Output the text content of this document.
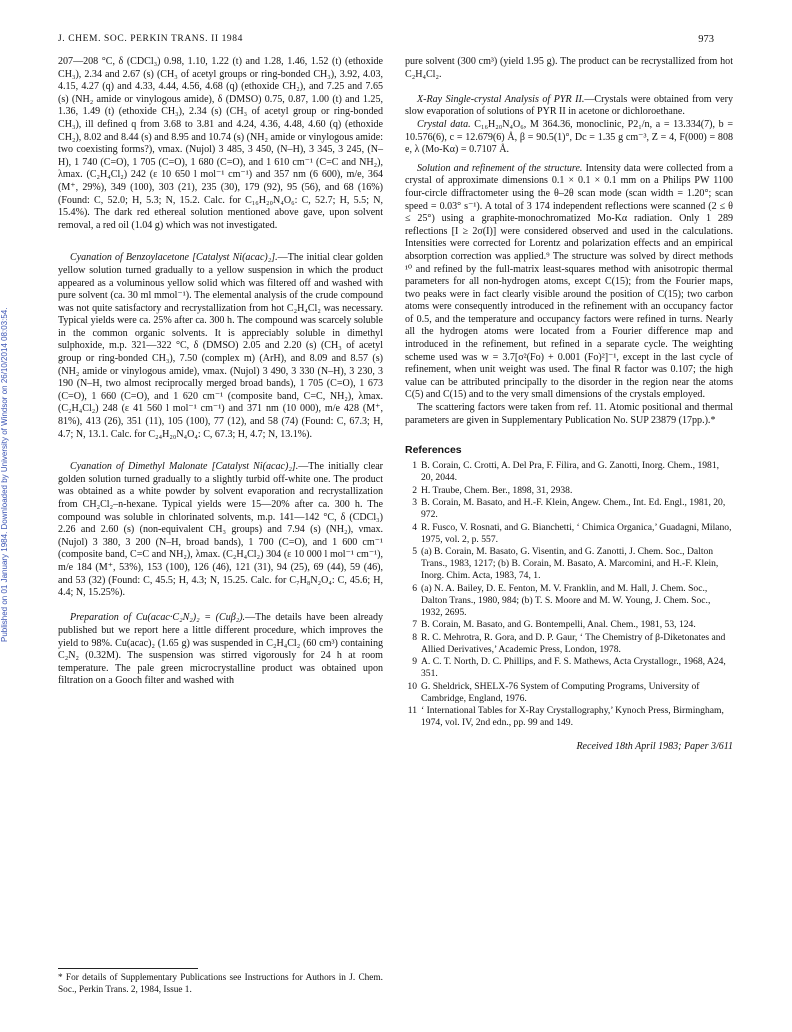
Published on 01 January 1984. Downloaded by University of Windsor on 26/10/2014 08:03:54.
J. CHEM. SOC. PERKIN TRANS. II 1984	973

207—208 °C, δ (CDCl₃) 0.98, 1.10, 1.22 (t) and 1.28, 1.46, 1.52 (t) (ethoxide CH₃), 2.34 and 2.67 (s) (CH₃ of acetyl groups or ring-bonded CH₃), 3.92, 4.03, 4.15, 4.27 (q) and 4.33, 4.44, 4.56, 4.68 (q) (ethoxide CH₂), and 7.25 and 7.65 (s) (NH₂ amide or vinylogous amide), δ (DMSO) 0.75, 0.87, 1.00 (t) and 1.25, 1.36, 1.49 (t) (ethoxide CH₃), 2.34 (s) (CH₃ of acetyl group or ring-bonded CH₃), ill defined q from 3.68 to 3.81 and 4.24, 4.36, 4.48, 4.60 (q) (ethoxide CH₂), 8.02 and 8.44 (s) and 8.95 and 10.74 (s) (NH₂ amide or vinylogous amide: two coexisting forms?), νmax. (Nujol) 3 485, 3 450, (N–H), 3 345, 3 245, (N–H), 1 740 (C=O), 1 705 (C=O), 1 680 (C=O), and 1 610 cm⁻¹ (C=C and NH₂), λmax. (C₂H₄Cl₂) 242 (ε 10 650 l mol⁻¹ cm⁻¹) and 357 nm (6 600), m/e, 364 (M⁺, 29%), 349 (100), 303 (21), 235 (30), 179 (92), 95 (56), and 68 (16%) (Found: C, 52.0; H, 5.3; N, 15.2. Calc. for C₁₆H₂₀N₄O₆: C, 52.7; H, 5.5; N, 15.4%). The dark red ethereal solution mentioned above gave, upon solvent removal, a red oil (1.04 g) which was not investigated.

Cyanation of Benzoylacetone [Catalyst Ni(acac)₂].—The initial clear golden yellow solution turned gradually to a yellow suspension in which the product appeared as a voluminous yellow solid which was filtered off and washed with pure solvent (ca. 30 ml mmol⁻¹). The elemental analysis of the crude compound was not quite satisfactory and recrystallization from hot C₂H₄Cl₂ was necessary. Typical yields were ca. 25% after ca. 300 h. The compound was scarcely soluble in the common organic solvents. It is appreciably soluble in dimethyl sulphoxide, m.p. 321—322 °C, δ (DMSO) 2.05 and 2.20 (s) (CH₃ of acetyl group or ring-bonded CH₃), 7.50 (complex m) (ArH), and 8.09 and 8.57 (s) (NH₂ amide or vinylogous amide), νmax. (Nujol) 3 490, 3 330 (N–H), 3 230, 3 190 (N–H, two almost reciprocally merged broad bands), 1 705 (C=O), 1 673 (C=O), 1 660 (C=O), and 1 620 cm⁻¹ (composite band, C=C, NH₂), λmax. (C₂H₄Cl₂) 248 (ε 41 560 l mol⁻¹ cm⁻¹) and 371 nm (10 000), m/e 428 (M⁺, 81%), 413 (26), 351 (11), 105 (100), 77 (12), and 58 (74) (Found: C, 67.3; H, 4.7; N, 13.1. Calc. for C₂₄H₂₀N₄O₄: C, 67.3; H, 4.7; N, 13.1%).

Cyanation of Dimethyl Malonate [Catalyst Ni(acac)₂].—The initially clear golden solution turned gradually to a slightly turbid off-white one. The product was obtained as a white powder by solvent evaporation and recrystallization from CH₂Cl₂–n-hexane. Typical yields were 15—20% after ca. 300 h. The compound was soluble in chlorinated solvents, m.p. 141—142 °C, δ (CDCl₃) 2.26 and 2.60 (s) (non-equivalent CH₃ groups) and 7.94 (s) (NH₂), νmax. (Nujol) 3 380, 3 200 (N–H, broad bands), 1 700 (C=O), and 1 600 cm⁻¹ (composite band, C=C and NH₂), λmax. (C₂H₄Cl₂) 304 (ε 10 000 l mol⁻¹ cm⁻¹), m/e 184 (M⁺, 53%), 153 (100), 126 (46), 121 (31), 94 (25), 69 (44), 59 (46), and 53 (32) (Found: C, 45.5; H, 4.3; N, 15.25. Calc. for C₇H₈N₂O₄: C, 45.6; H, 4.4; N, 15.25%).

Preparation of Cu(acac·C₂N₂)₂ = (Cuβ₂).—The details have been already published but we report here a little different procedure, which improves the yield to 98%. Cu(acac)₂ (1.65 g) was suspended in C₂H₄Cl₂ (60 cm³) containing C₂N₂ (0.32M). The suspension was stirred vigorously for 24 h at room temperature. The pale green microcrystalline product was obtained upon filtration on a Gooch filter and washed with

* For details of Supplementary Publications see Instructions for Authors in J. Chem. Soc., Perkin Trans. 2, 1984, Issue 1.

pure solvent (300 cm³) (yield 1.95 g). The product can be recrystallized from hot C₂H₄Cl₂.

X-Ray Single-crystal Analysis of PYR II.—Crystals were obtained from very slow evaporation of solutions of PYR II in acetone or dichloroethane.

Crystal data. C₁₆H₂₀N₄O₆, M 364.36, monoclinic, P2₁/n, a = 13.334(7), b = 10.576(6), c = 12.679(6) Å, β = 90.5(1)°, Dc = 1.35 g cm⁻³, Z = 4, F(000) = 808 e, λ (Mo-Kα) = 0.7107 Å.

Solution and refinement of the structure. Intensity data were collected from a crystal of approximate dimensions 0.1 × 0.1 × 0.1 mm on a Philips PW 1100 four-circle diffractometer using the θ–2θ scan mode (scan width = 1.20°; scan speed = 0.03° s⁻¹). A total of 3 174 independent reflections were scanned (2 ≤ θ ≤ 25°) using a graphite-monochromatized Mo-Kα radiation. Only 1 289 reflections [I ≥ 2σ(I)] were considered observed and used in the calculations. Intensities were corrected for Lorentz and polarization effects and an empirical absorption correction was applied.⁹ The structure was solved by direct methods ¹⁰ and refined by the full-matrix least-squares method with anisotropic thermal parameters for all non-hydrogen atoms, except C(15); from the Fourier maps, two peaks were in fact clearly visible around the position of C(15); two carbon atoms were consequently introduced in the refinement with an occupancy factor of 0.5, and the temperature and occupancy factors were refined in turns. Nearly all the hydrogen atoms were located from a Fourier difference map and introduced in the refinement, but refined in a separate cycle. The weighting scheme used was w = 3.7[σ²(Fo) + 0.001 (Fo)²]⁻¹, except in the last cycle of refinement, when unit weight was used. The final R factor was 0.107; the high value can be attributed principally to the disorder in the region near the atoms C(5) and C(15) and to the very small dimensions of the crystals employed.

The scattering factors were taken from ref. 11. Atomic positional and thermal parameters are given in Supplementary Publication No. SUP 23879 (17pp.).*

References
1 B. Corain, C. Crotti, A. Del Pra, F. Filira, and G. Zanotti, Inorg. Chem., 1981, 20, 2044.
2 H. Traube, Chem. Ber., 1898, 31, 2938.
3 B. Corain, M. Basato, and H.-F. Klein, Angew. Chem., Int. Ed. Engl., 1981, 20, 972.
4 R. Fusco, V. Rosnati, and G. Bianchetti, ‘ Chimica Organica,’ Guadagni, Milano, 1975, vol. 2, p. 557.
5 (a) B. Corain, M. Basato, G. Visentin, and G. Zanotti, J. Chem. Soc., Dalton Trans., 1983, 1217; (b) B. Corain, M. Basato, A. Marcomini, and H.-F. Klein, Inorg. Chim. Acta, 1983, 74, 1.
6 (a) N. A. Bailey, D. E. Fenton, M. V. Franklin, and M. Hall, J. Chem. Soc., Dalton Trans., 1980, 984; (b) T. S. Moore and M. W. Young, J. Chem. Soc., 1932, 2695.
7 B. Corain, M. Basato, and G. Bontempelli, Anal. Chem., 1981, 53, 124.
8 R. C. Mehrotra, R. Gora, and D. P. Gaur, ‘ The Chemistry of β-Diketonates and Allied Derivatives,’ Academic Press, London, 1978.
9 A. C. T. North, D. C. Phillips, and F. S. Mathews, Acta Crystallogr., 1968, A24, 351.
10 G. Sheldrick, SHELX-76 System of Computing Programs, University of Cambridge, England, 1976.
11 ‘ International Tables for X-Ray Crystallography,’ Kynoch Press, Birmingham, 1974, vol. IV, 2nd edn., pp. 99 and 149.
Received 18th April 1983; Paper 3/611
